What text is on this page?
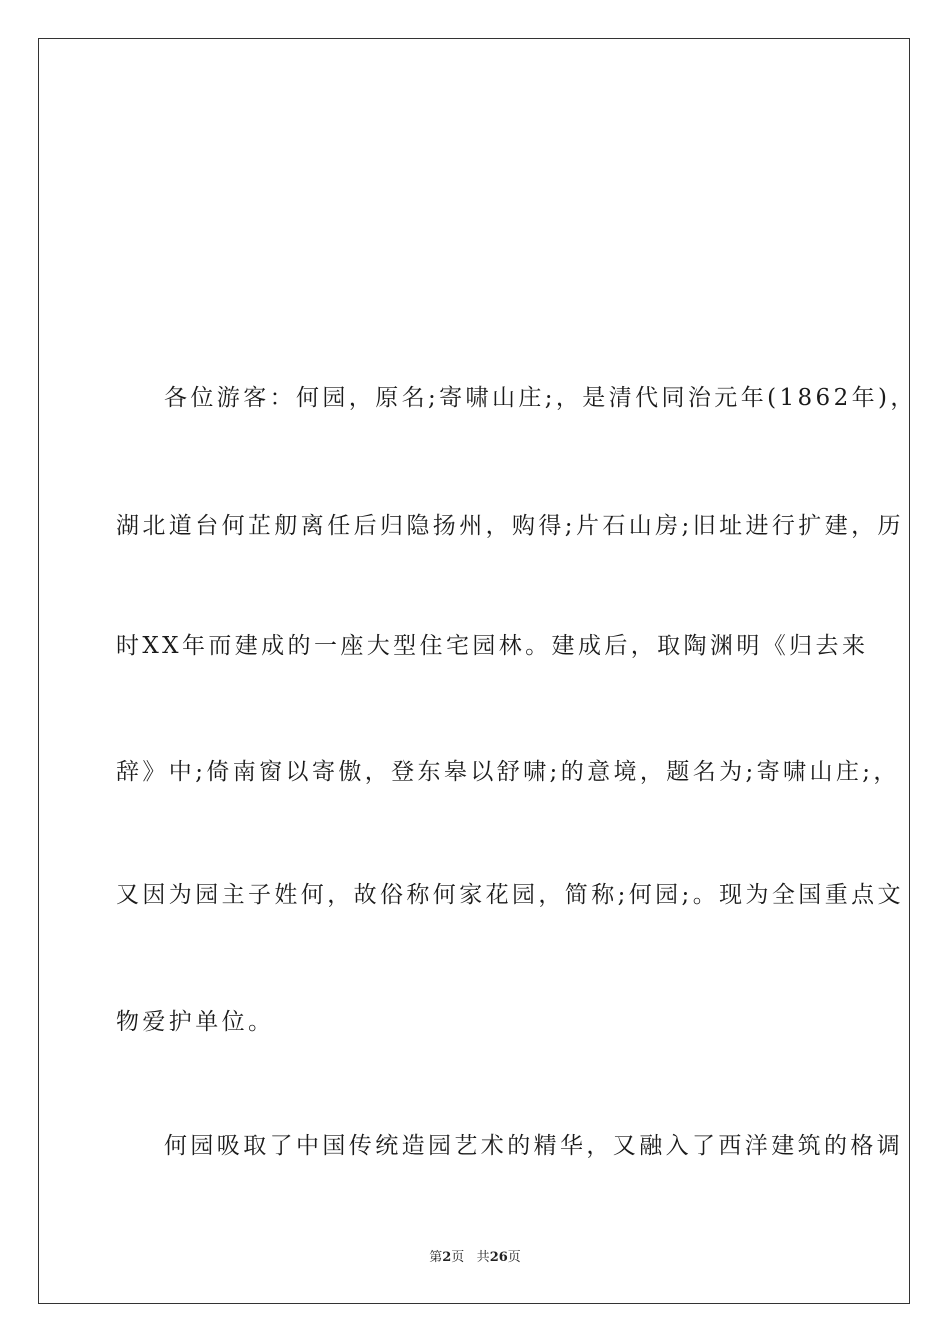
各位游客：何园，原名;寄啸山庄;，是清代同治元年(1862年)，
湖北道台何芷舠离任后归隐扬州，购得;片石山房;旧址进行扩建，历
时XX年而建成的一座大型住宅园林。建成后，取陶渊明《归去来
辞》中;倚南窗以寄傲，登东皋以舒啸;的意境，题名为;寄啸山庄;，
又因为园主子姓何，故俗称何家花园，简称;何园;。现为全国重点文
物爱护单位。
何园吸取了中国传统造园艺术的精华，又融入了西洋建筑的格调
第2页 共26页
